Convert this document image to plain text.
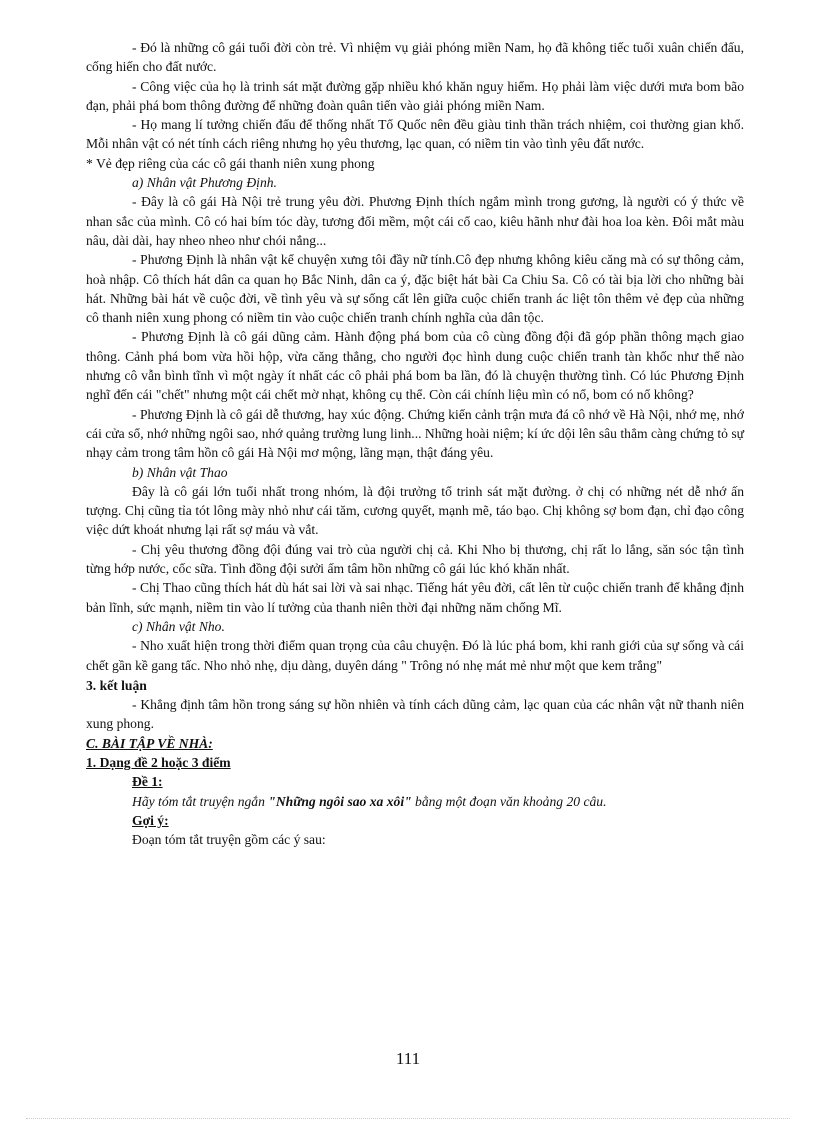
- Đó là những cô gái tuổi đời còn trẻ. Vì nhiệm vụ giải phóng miền Nam, họ đã không tiếc tuổi xuân chiến đấu, cống hiến cho đất nước.

- Công việc của họ là trinh sát mặt đường gặp nhiều khó khăn nguy hiểm. Họ phải làm việc dưới mưa bom bão đạn, phải phá bom thông đường để những đoàn quân tiến vào giải phóng miền Nam.

- Họ mang lí tưởng chiến đấu để thống nhất Tổ Quốc nên đều giàu tinh thần trách nhiệm, coi thường gian khổ. Mỗi nhân vật có nét tính cách riêng nhưng họ yêu thương, lạc quan, có niềm tin vào tình yêu đất nước.

* Vẻ đẹp riêng của các cô gái thanh niên xung phong

a) Nhân vật Phương Định.

- Đây là cô gái Hà Nội trẻ trung yêu đời. Phương Định thích ngắm mình trong gương, là người có ý thức về nhan sắc của mình. Cô có hai bím tóc dày, tương đối mềm, một cái cổ cao, kiêu hãnh như đài hoa loa kèn. Đôi mắt màu nâu, dài dài, hay nheo nheo như chói nắng...

- Phương Định là nhân vật kể chuyện xưng tôi đầy nữ tính.Cô đẹp nhưng không kiêu căng mà có sự thông cảm, hoà nhập. Cô thích hát dân ca quan họ Bắc Ninh, dân ca ý, đặc biệt hát bài Ca Chiu Sa. Cô có tài bịa lời cho những bài hát. Những bài hát về cuộc đời, về tình yêu và sự sống cất lên giữa cuộc chiến tranh ác liệt tôn thêm vẻ đẹp của những cô thanh niên xung phong có niềm tin vào cuộc chiến tranh chính nghĩa của dân tộc.

- Phương Định là cô gái dũng cảm. Hành động phá bom của cô cùng đồng đội đã góp phần thông mạch giao thông. Cảnh phá bom vừa hồi hộp, vừa căng thẳng, cho người đọc hình dung cuộc chiến tranh tàn khốc như thế nào nhưng cô vẫn bình tĩnh vì một ngày ít nhất các cô phải phá bom ba lần, đó là chuyện thường tình. Có lúc Phương Định nghĩ đến cái "chết" nhưng một cái chết mờ nhạt, không cụ thể. Còn cái chính liệu mìn có nổ, bom có nổ không?

- Phương Định là cô gái dễ thương, hay xúc động. Chứng kiến cảnh trận mưa đá cô nhớ về Hà Nội, nhớ mẹ, nhớ cái cửa sổ, nhớ những ngôi sao, nhớ quảng trường lung linh... Những hoài niệm; kí ức dội lên sâu thẳm càng chứng tỏ sự nhạy cảm trong tâm hồn cô gái Hà Nội mơ mộng, lãng mạn, thật đáng yêu.

b) Nhân vật Thao

Đây là cô gái lớn tuổi nhất trong nhóm, là đội trưởng tổ trinh sát mặt đường. ở chị có những nét dễ nhớ ấn tượng. Chị cũng tỉa tót lông mày nhỏ như cái tăm, cương quyết, mạnh mẽ, táo bạo. Chị không sợ bom đạn, chỉ đạo công việc dứt khoát nhưng lại rất sợ máu và vắt.

- Chị yêu thương đồng đội đúng vai trò của người chị cả. Khi Nho bị thương, chị rất lo lắng, săn sóc tận tình từng hớp nước, cốc sữa. Tình đồng đội sưởi ấm tâm hồn những cô gái lúc khó khăn nhất.

- Chị Thao cũng thích hát dù hát sai lời và sai nhạc. Tiếng hát yêu đời, cất lên từ cuộc chiến tranh để khẳng định bản lĩnh, sức mạnh, niềm tin vào lí tưởng của thanh niên thời đại những năm chống Mĩ.

c) Nhân vật Nho.

- Nho xuất hiện trong thời điểm quan trọng của câu chuyện. Đó là lúc phá bom, khi ranh giới của sự sống và cái chết gần kề gang tấc. Nho nhỏ nhẹ, dịu dàng, duyên dáng " Trông nó nhẹ mát mẻ như một que kem trắng"

3. kết luận

- Khẳng định tâm hồn trong sáng sự hồn nhiên và tính cách dũng cảm, lạc quan của các nhân vật nữ thanh niên xung phong.

C. BÀI TẬP VỀ NHÀ:

1. Dạng đề 2 hoặc 3 điểm

Đề 1:

Hãy tóm tắt truyện ngắn "Những ngôi sao xa xôi" bằng một đoạn văn khoảng 20 câu.

Gợi ý:

Đoạn tóm tắt truyện gồm các ý sau:

111
